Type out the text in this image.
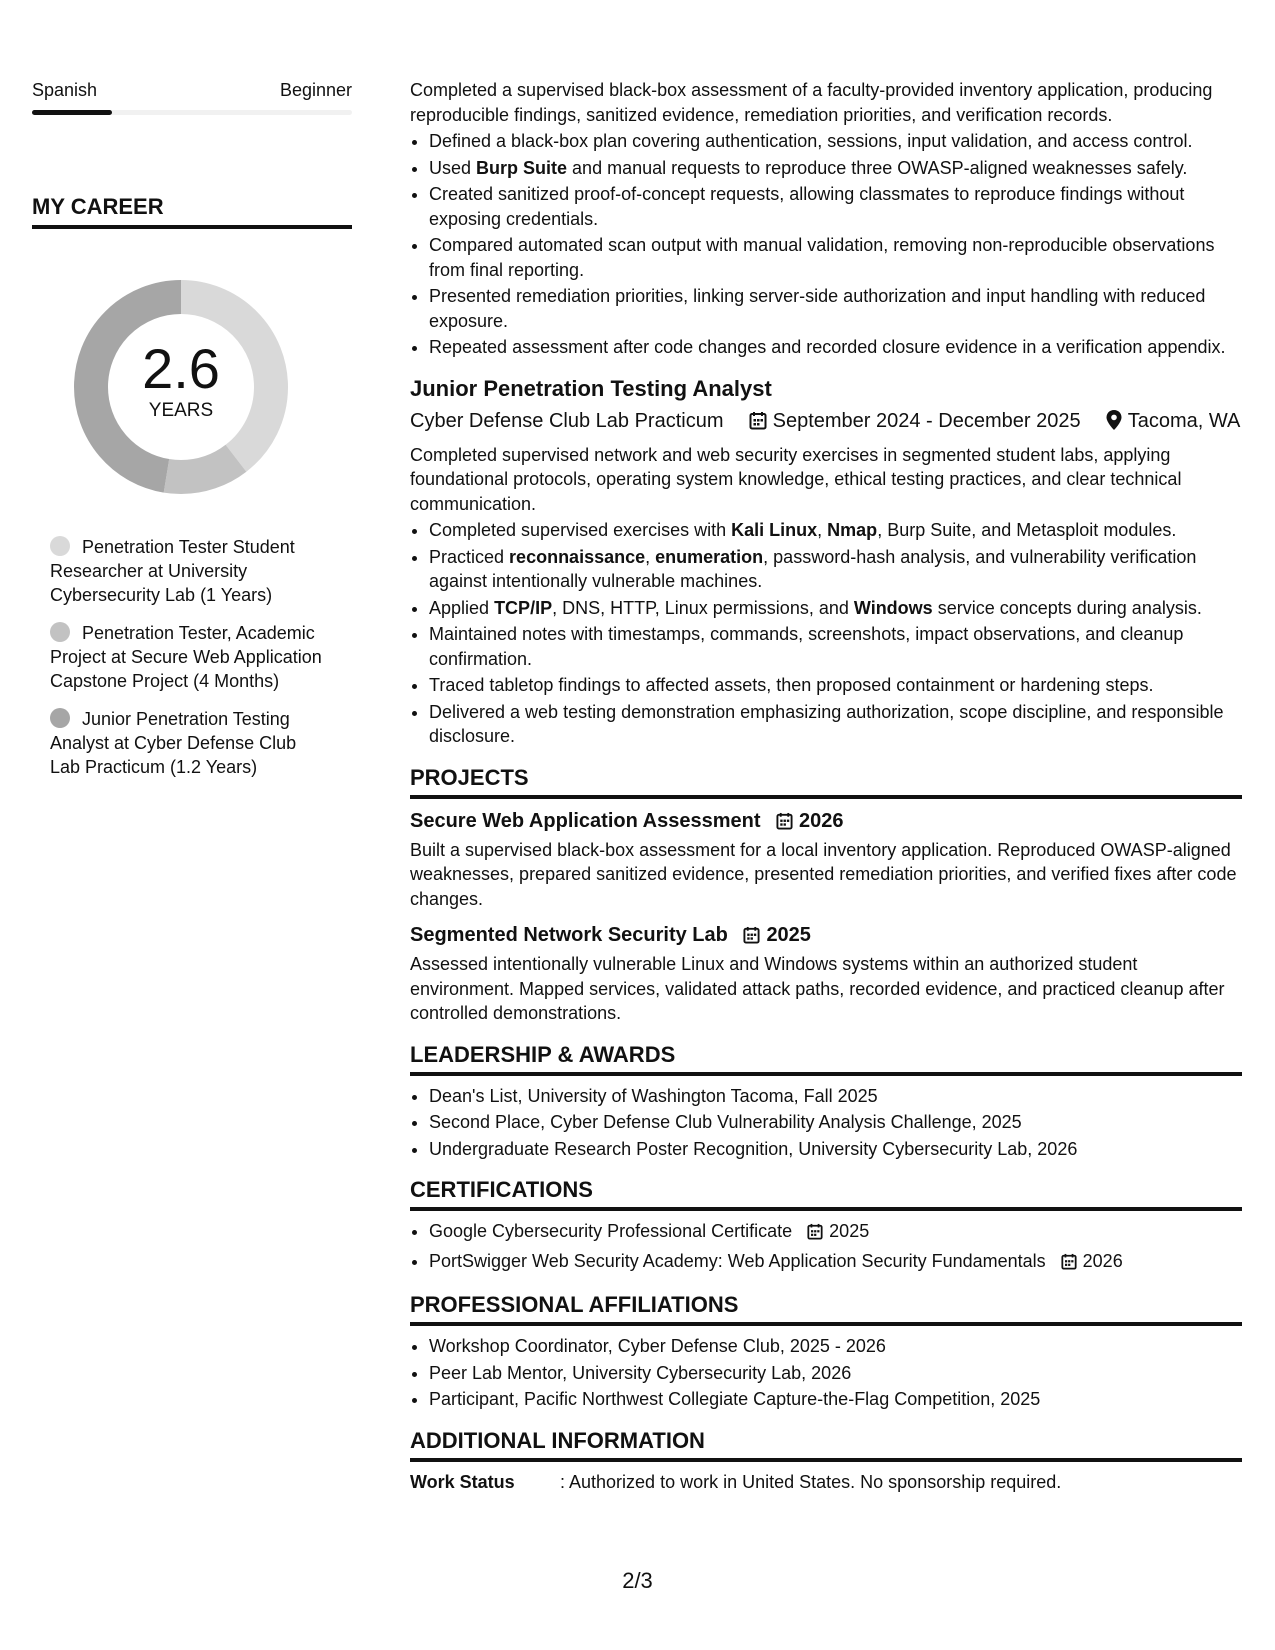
Spanish	Beginner
MY CAREER
2.6
YEARS
Penetration Tester Student Researcher at University Cybersecurity Lab (1 Years)
Penetration Tester, Academic Project at Secure Web Application Capstone Project (4 Months)
Junior Penetration Testing Analyst at Cyber Defense Club Lab Practicum (1.2 Years)

Completed a supervised black-box assessment of a faculty-provided inventory application, producing reproducible findings, sanitized evidence, remediation priorities, and verification records.

• Defined a black-box plan covering authentication, sessions, input validation, and access control.
• Used Burp Suite and manual requests to reproduce three OWASP-aligned weaknesses safely.
• Created sanitized proof-of-concept requests, allowing classmates to reproduce findings without exposing credentials.
• Compared automated scan output with manual validation, removing non-reproducible observations from final reporting.
• Presented remediation priorities, linking server-side authorization and input handling with reduced exposure.
• Repeated assessment after code changes and recorded closure evidence in a verification appendix.
Junior Penetration Testing Analyst
Cyber Defense Club Lab Practicum September 2024 - December 2025 Tacoma, WA

Completed supervised network and web security exercises in segmented student labs, applying foundational protocols, operating system knowledge, ethical testing practices, and clear technical communication.

• Completed supervised exercises with Kali Linux, Nmap, Burp Suite, and Metasploit modules.
• Practiced reconnaissance, enumeration, password-hash analysis, and vulnerability verification against intentionally vulnerable machines.
• Applied TCP/IP, DNS, HTTP, Linux permissions, and Windows service concepts during analysis.
• Maintained notes with timestamps, commands, screenshots, impact observations, and cleanup confirmation.
• Traced tabletop findings to affected assets, then proposed containment or hardening steps.
• Delivered a web testing demonstration emphasizing authorization, scope discipline, and responsible disclosure.
PROJECTS
Secure Web Application Assessment 2026
Built a supervised black-box assessment for a local inventory application. Reproduced OWASP-aligned weaknesses, prepared sanitized evidence, presented remediation priorities, and verified fixes after code changes.
Segmented Network Security Lab 2025
Assessed intentionally vulnerable Linux and Windows systems within an authorized student environment. Mapped services, validated attack paths, recorded evidence, and practiced cleanup after controlled demonstrations.
LEADERSHIP & AWARDS
• Dean's List, University of Washington Tacoma, Fall 2025
• Second Place, Cyber Defense Club Vulnerability Analysis Challenge, 2025
• Undergraduate Research Poster Recognition, University Cybersecurity Lab, 2026
CERTIFICATIONS
• Google Cybersecurity Professional Certificate 2025
• PortSwigger Web Security Academy: Web Application Security Fundamentals 2026
PROFESSIONAL AFFILIATIONS
• Workshop Coordinator, Cyber Defense Club, 2025 - 2026
• Peer Lab Mentor, University Cybersecurity Lab, 2026
• Participant, Pacific Northwest Collegiate Capture-the-Flag Competition, 2025
ADDITIONAL INFORMATION
Work Status	: Authorized to work in United States. No sponsorship required.
2/3
